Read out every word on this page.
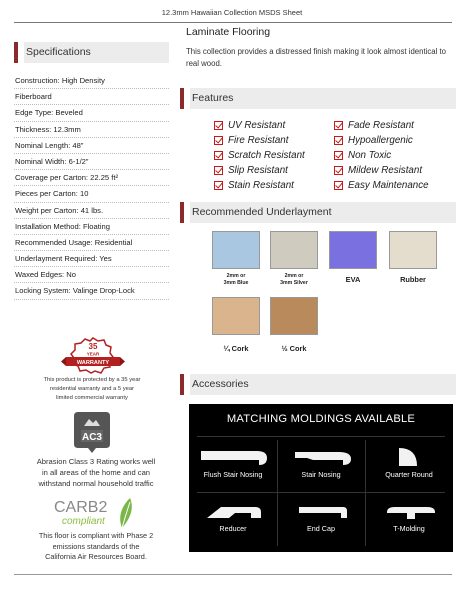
12.3mm Hawaiian Collection MSDS Sheet
Specifications
Construction: High Density
Fiberboard
Edge Type: Beveled
Thickness: 12.3mm
Nominal Length: 48”
Nominal Width: 6-1/2”
Coverage per Carton: 22.25 ft²
Pieces per Carton: 10
Weight per Carton: 41 lbs.
Installation Method: Floating
Recommended Usage: Residential
Underlayment Required: Yes
Waxed Edges: No
Locking System: Valinge Drop-Lock
35
YEAR
WARRANTY
This product is protected by a 35 year
residential warranty and a 5 year
limited commercial warranty
AC3
Abrasion Class 3 Rating works well
in all areas of the home and can
withstand normal household traffic
CARB2
compliant
This floor is compliant with Phase 2
emissions standards of the
California Air Resources Board.
Laminate Flooring
This collection provides a distressed finish making it look almost identical to real wood.
Features
UV Resistant	Fade Resistant
Fire Resistant	Hypoallergenic
Scratch Resistant	Non Toxic
Slip Resistant	Mildew Resistant
Stain Resistant	Easy Maintenance
Recommended Underlayment
2mm or
3mm Blue
2mm or
3mm Silver	EVA	Rubber
¼ Cork	½ Cork
Accessories
MATCHING MOLDINGS AVAILABLE
Flush Stair Nosing	Stair Nosing	Quarter Round
Reducer	End Cap	T-Molding
